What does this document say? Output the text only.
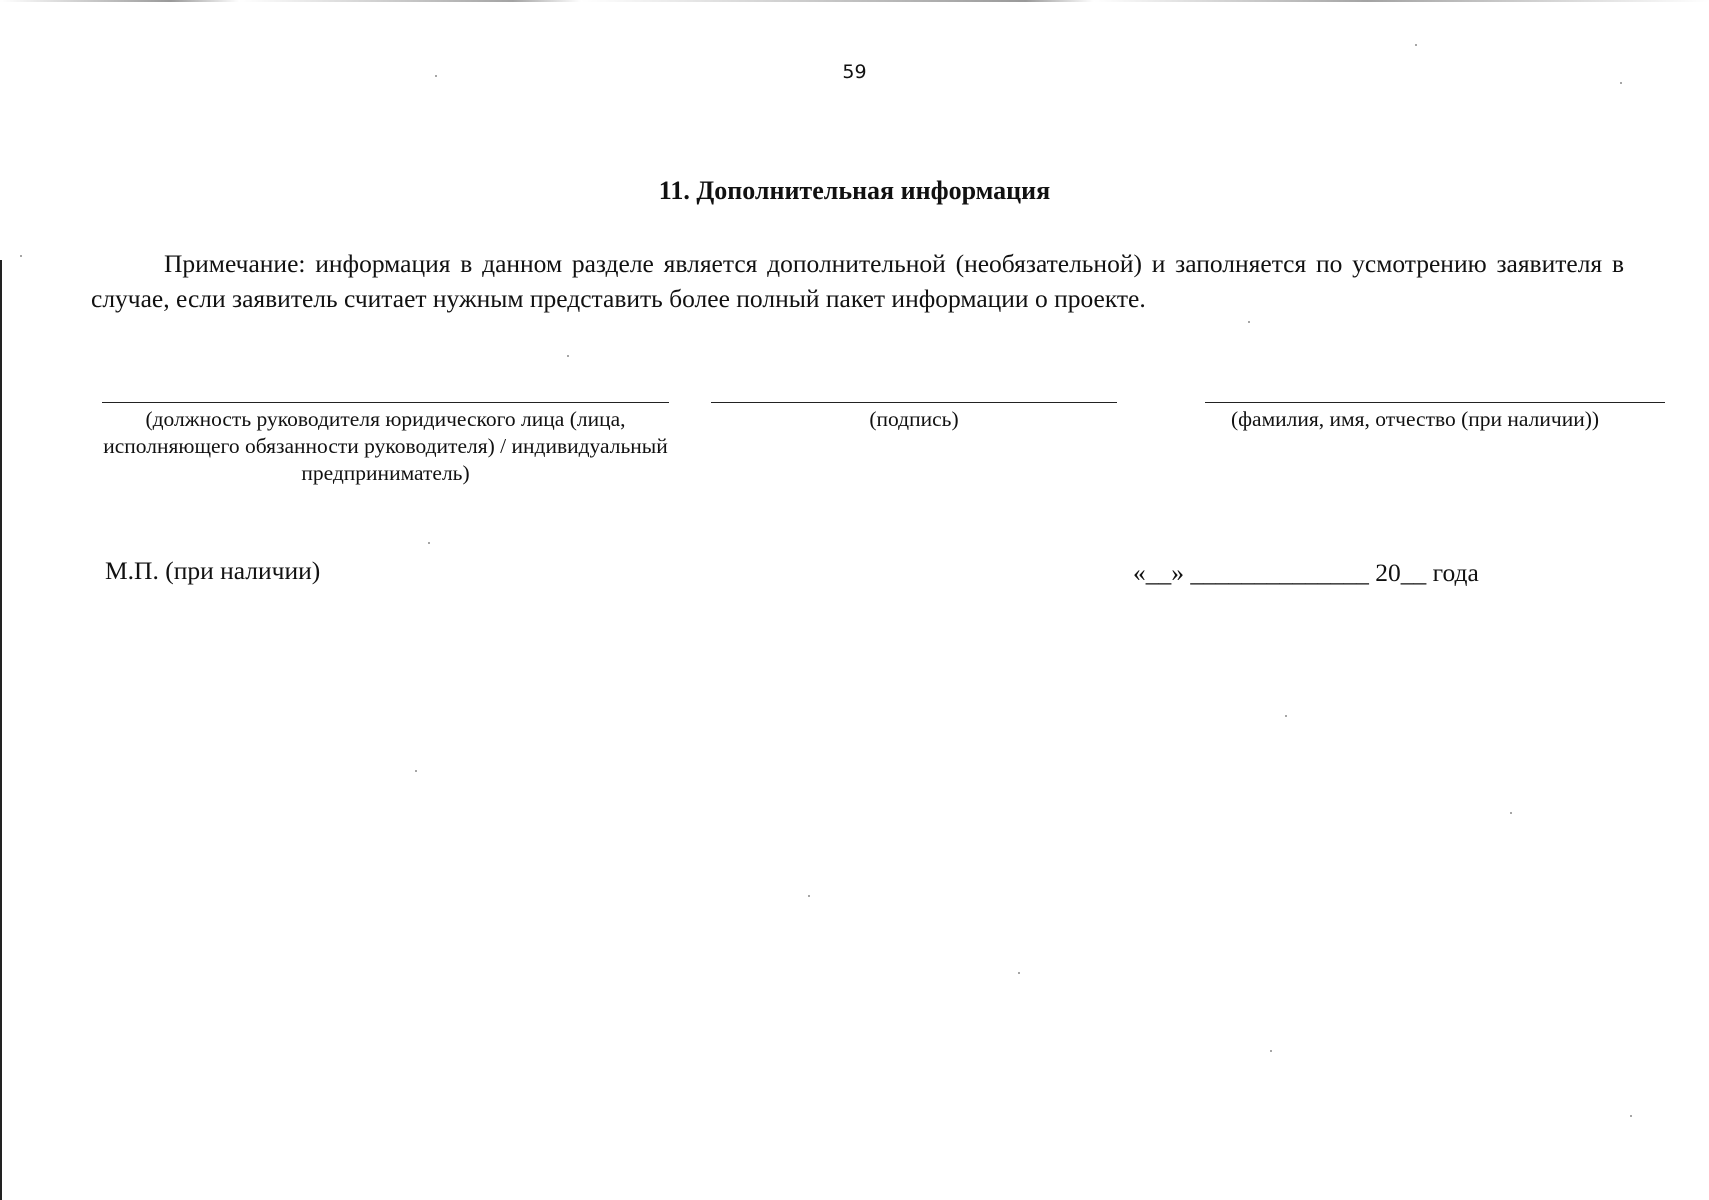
59
11. Дополнительная информация

Примечание: информация в данном разделе является дополнительной (необязательной) и заполняется по усмотрению заявителя в случае, если заявитель считает нужным представить более полный пакет информации о проекте.

(должность руководителя юридического лица (лица, исполняющего обязанности руководителя) / индивидуальный предприниматель)
(подпись)	(фамилия, имя, отчество (при наличии))
М.П. (при наличии)	«__» ______________ 20__ года
